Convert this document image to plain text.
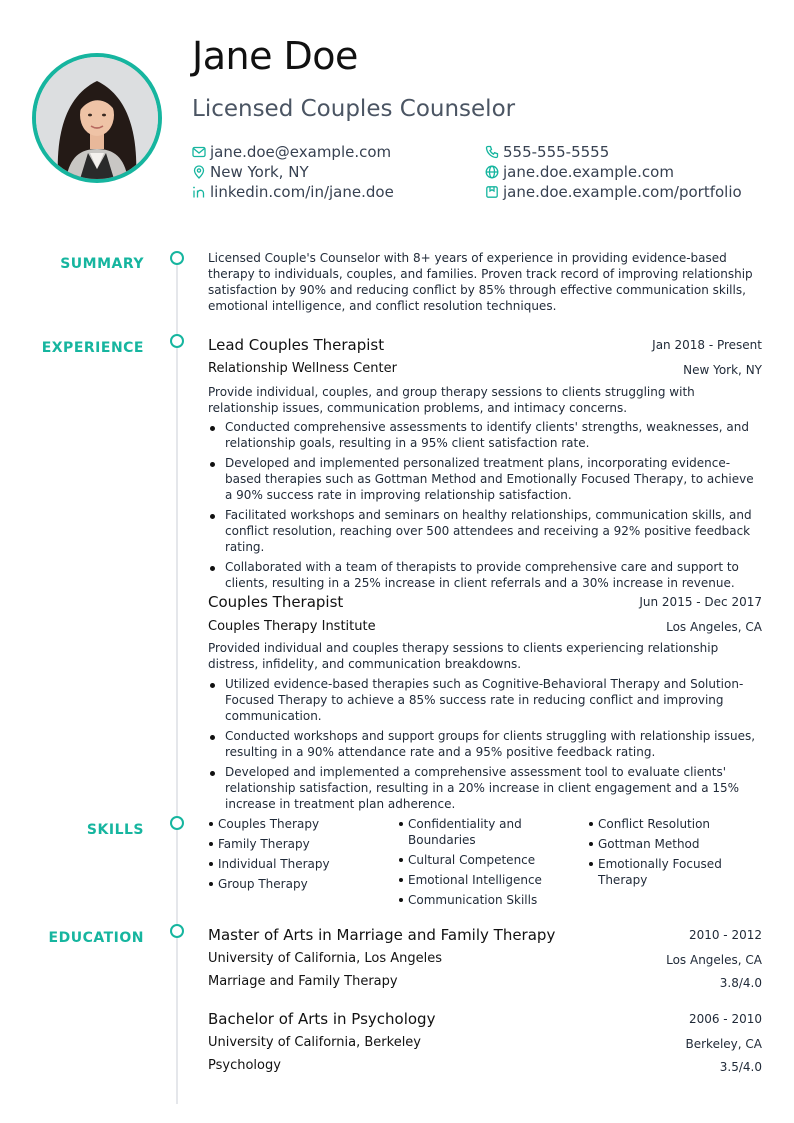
Jane Doe
Licensed Couples Counselor
jane.doe@example.com	555-555-5555
New York, NY	jane.doe.example.com
linkedin.com/in/jane.doe	jane.doe.example.com/portfolio
SUMMARY	Licensed Couple's Counselor with 8+ years of experience in providing evidence-based therapy to individuals, couples, and families. Proven track record of improving relationship satisfaction by 90% and reducing conflict by 85% through effective communication skills, emotional intelligence, and conflict resolution techniques.
EXPERIENCE	Lead Couples Therapist	Jan 2018 - Present
Relationship Wellness Center	New York, NY
Provide individual, couples, and group therapy sessions to clients struggling with relationship issues, communication problems, and intimacy concerns.
Conducted comprehensive assessments to identify clients' strengths, weaknesses, and relationship goals, resulting in a 95% client satisfaction rate.
Developed and implemented personalized treatment plans, incorporating evidence-based therapies such as Gottman Method and Emotionally Focused Therapy, to achieve a 90% success rate in improving relationship satisfaction.
Facilitated workshops and seminars on healthy relationships, communication skills, and conflict resolution, reaching over 500 attendees and receiving a 92% positive feedback rating.
Collaborated with a team of therapists to provide comprehensive care and support to clients, resulting in a 25% increase in client referrals and a 30% increase in revenue.
Couples Therapist	Jun 2015 - Dec 2017
Couples Therapy Institute	Los Angeles, CA
Provided individual and couples therapy sessions to clients experiencing relationship distress, infidelity, and communication breakdowns.
Utilized evidence-based therapies such as Cognitive-Behavioral Therapy and Solution-Focused Therapy to achieve a 85% success rate in reducing conflict and improving communication.
Conducted workshops and support groups for clients struggling with relationship issues, resulting in a 90% attendance rate and a 95% positive feedback rating.
Developed and implemented a comprehensive assessment tool to evaluate clients' relationship satisfaction, resulting in a 20% increase in client engagement and a 15% increase in treatment plan adherence.
SKILLS	Couples Therapy
Family Therapy
Individual Therapy
Group Therapy
Confidentiality and Boundaries
Cultural Competence
Emotional Intelligence
Communication Skills
Conflict Resolution
Gottman Method
Emotionally Focused Therapy
EDUCATION	Master of Arts in Marriage and Family Therapy	2010 - 2012
University of California, Los Angeles	Los Angeles, CA
Marriage and Family Therapy	3.8/4.0
Bachelor of Arts in Psychology	2006 - 2010
University of California, Berkeley	Berkeley, CA
Psychology	3.5/4.0
